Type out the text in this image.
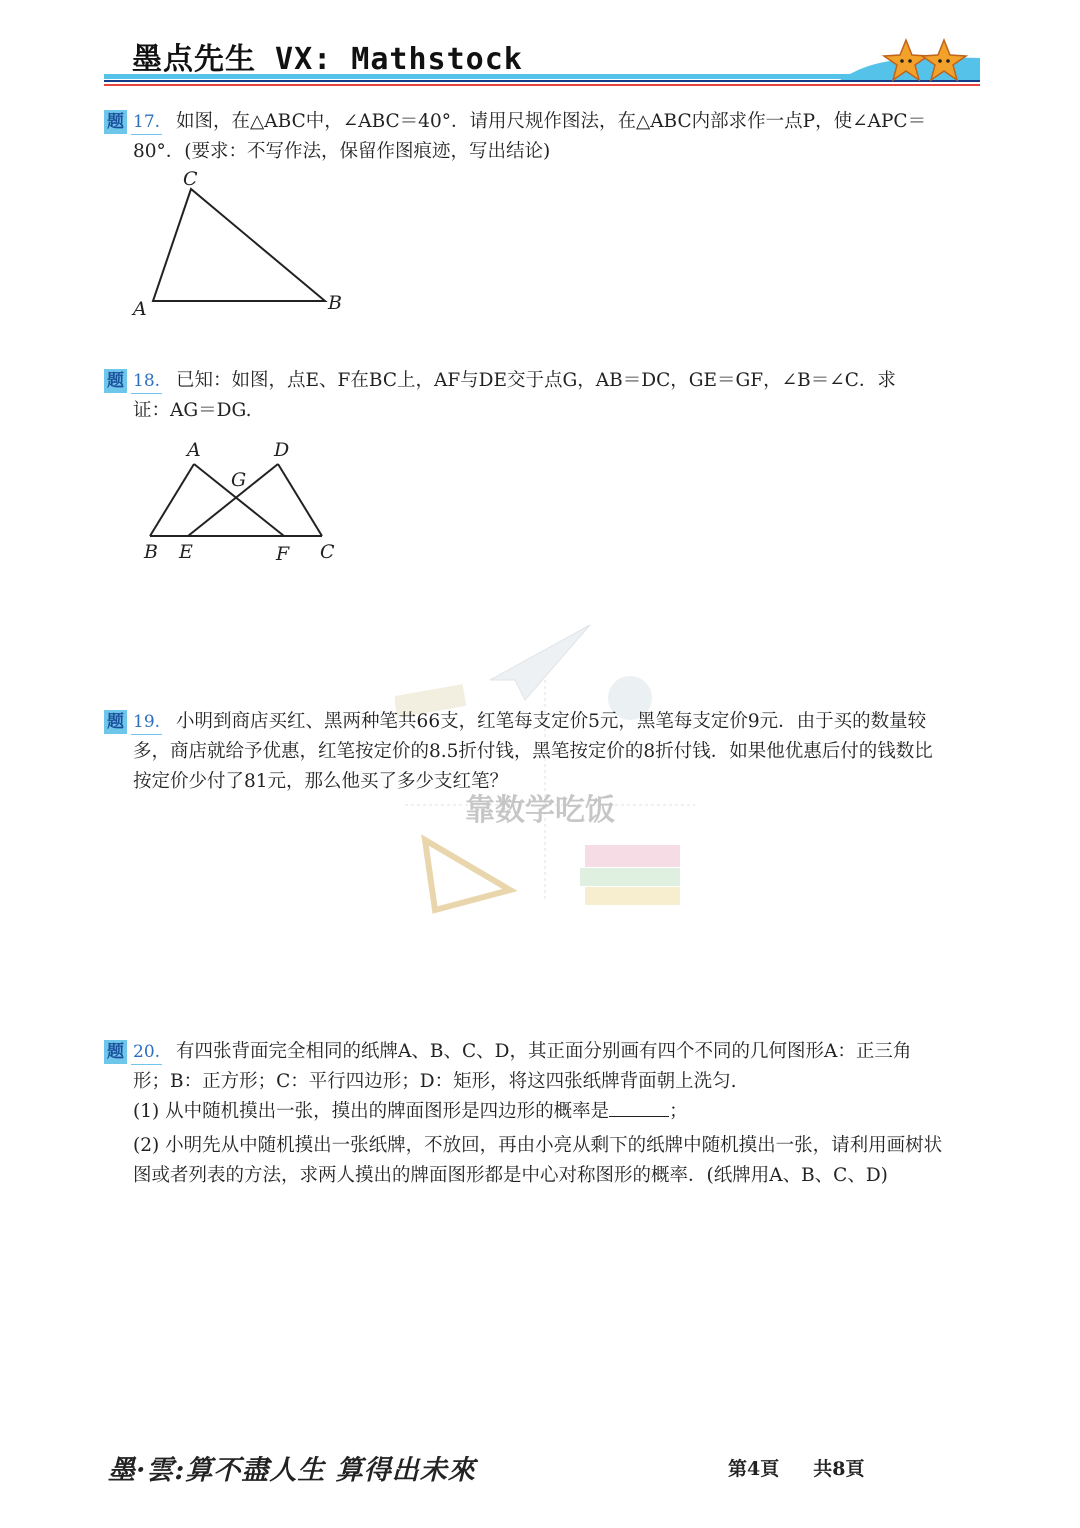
墨点先生 VX: Mathstock
靠数学吃饭
题 17. 如图，在△ABC中，∠ABC＝40°．请用尺规作图法，在△ABC内部求作一点P，使∠APC＝
80°．(要求：不写作法，保留作图痕迹，写出结论)
C
A	B
题 18. 已知：如图，点E、F在BC上，AF与DE交于点G，AB＝DC，GE＝GF，∠B＝∠C．求
证：AG＝DG.
A	D
G
B E	F C
题 19. 小明到商店买红、黑两种笔共66支，红笔每支定价5元，黑笔每支定价9元．由于买的数量较
多，商店就给予优惠，红笔按定价的8.5折付钱，黑笔按定价的8折付钱．如果他优惠后付的钱数比
按定价少付了81元，那么他买了多少支红笔？
题 20. 有四张背面完全相同的纸牌A、B、C、D，其正面分别画有四个不同的几何图形A：正三角
形；B：正方形；C：平行四边形；D：矩形，将这四张纸牌背面朝上洗匀.
(1) 从中随机摸出一张，摸出的牌面图形是四边形的概率是	；
(2) 小明先从中随机摸出一张纸牌，不放回，再由小亮从剩下的纸牌中随机摸出一张，请利用画树状
图或者列表的方法，求两人摸出的牌面图形都是中心对称图形的概率．(纸牌用A、B、C、D)
墨·雲:算不盡人生 算得出未來	第4頁 共8頁
